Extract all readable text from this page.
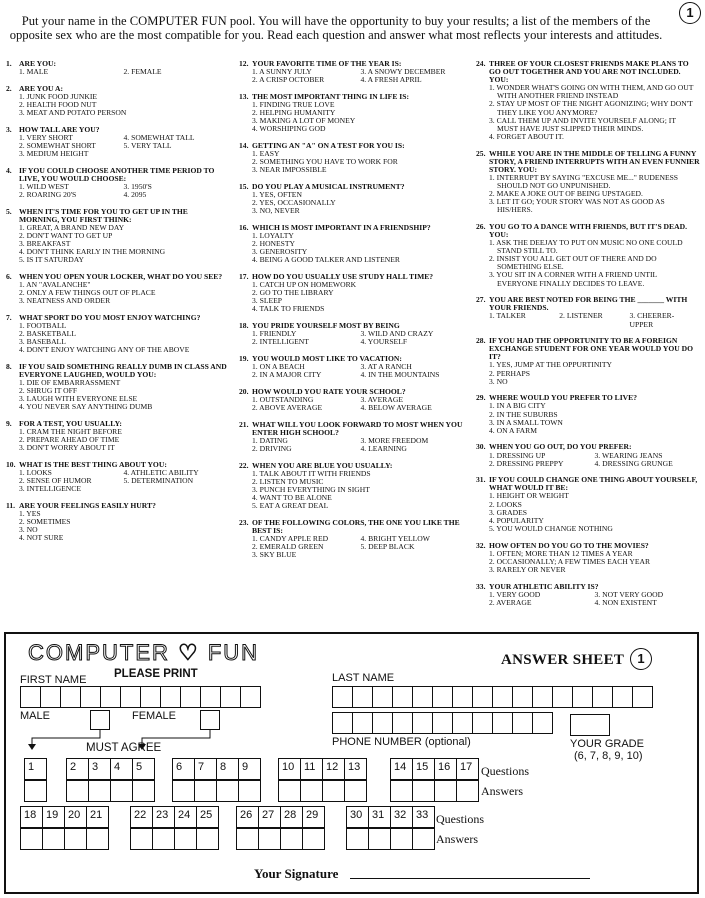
Put your name in the COMPUTER FUN pool. You will have the opportunity to buy your results; a list of the members of the opposite sex who are the most compatible for you. Read each question and answer what most reflects your interests and attitudes.
1
1. ARE YOU:
1. MALE	2. FEMALE
2. ARE YOU A:
1. JUNK FOOD JUNKIE
2. HEALTH FOOD NUT
3. MEAT AND POTATO PERSON
3. HOW TALL ARE YOU?
1. VERY SHORT	4. SOMEWHAT TALL
2. SOMEWHAT SHORT	5. VERY TALL
3. MEDIUM HEIGHT
4. IF YOU COULD CHOOSE ANOTHER TIME PERIOD TO LIVE, YOU WOULD CHOOSE:
1. WILD WEST	3. 1950'S
2. ROARING 20'S	4. 2095
5. WHEN IT'S TIME FOR YOU TO GET UP IN THE MORNING, YOU FIRST THINK:
1. GREAT, A BRAND NEW DAY
2. DON'T WANT TO GET UP
3. BREAKFAST
4. DON'T THINK EARLY IN THE MORNING
5. IS IT SATURDAY
6. WHEN YOU OPEN YOUR LOCKER, WHAT DO YOU SEE?
1. AN "AVALANCHE"
2. ONLY A FEW THINGS OUT OF PLACE
3. NEATNESS AND ORDER
7. WHAT SPORT DO YOU MOST ENJOY WATCHING?
1. FOOTBALL
2. BASKETBALL
3. BASEBALL
4. DON'T ENJOY WATCHING ANY OF THE ABOVE
8. IF YOU SAID SOMETHING REALLY DUMB IN CLASS AND EVERYONE LAUGHED, WOULD YOU:
1. DIE OF EMBARRASSMENT
2. SHRUG IT OFF
3. LAUGH WITH EVERYONE ELSE
4. YOU NEVER SAY ANYTHING DUMB
9. FOR A TEST, YOU USUALLY:
1. CRAM THE NIGHT BEFORE
2. PREPARE AHEAD OF TIME
3. DON'T WORRY ABOUT IT
10. WHAT IS THE BEST THING ABOUT YOU:
1. LOOKS	4. ATHLETIC ABILITY
2. SENSE OF HUMOR	5. DETERMINATION
3. INTELLIGENCE
11. ARE YOUR FEELINGS EASILY HURT?
1. YES
2. SOMETIMES
3. NO
4. NOT SURE
12. YOUR FAVORITE TIME OF THE YEAR IS:
1. A SUNNY JULY	3. A SNOWY DECEMBER
2. A CRISP OCTOBER	4. A FRESH APRIL
13. THE MOST IMPORTANT THING IN LIFE IS:
1. FINDING TRUE LOVE
2. HELPING HUMANITY
3. MAKING A LOT OF MONEY
4. WORSHIPING GOD
14. GETTING AN "A" ON A TEST FOR YOU IS:
1. EASY
2. SOMETHING YOU HAVE TO WORK FOR
3. NEAR IMPOSSIBLE
15. DO YOU PLAY A MUSICAL INSTRUMENT?
1. YES, OFTEN
2. YES, OCCASIONALLY
3. NO, NEVER
16. WHICH IS MOST IMPORTANT IN A FRIENDSHIP?
1. LOYALTY
2. HONESTY
3. GENEROSITY
4. BEING A GOOD TALKER AND LISTENER
17. HOW DO YOU USUALLY USE STUDY HALL TIME?
1. CATCH UP ON HOMEWORK
2. GO TO THE LIBRARY
3. SLEEP
4. TALK TO FRIENDS
18. YOU PRIDE YOURSELF MOST BY BEING
1. FRIENDLY	3. WILD AND CRAZY
2. INTELLIGENT	4. YOURSELF
19. YOU WOULD MOST LIKE TO VACATION:
1. ON A BEACH	3. AT A RANCH
2. IN A MAJOR CITY	4. IN THE MOUNTAINS
20. HOW WOULD YOU RATE YOUR SCHOOL?
1. OUTSTANDING	3. AVERAGE
2. ABOVE AVERAGE	4. BELOW AVERAGE
21. WHAT WILL YOU LOOK FORWARD TO MOST WHEN YOU ENTER HIGH SCHOOL?
1. DATING	3. MORE FREEDOM
2. DRIVING	4. LEARNING
22. WHEN YOU ARE BLUE YOU USUALLY:
1. TALK ABOUT IT WITH FRIENDS
2. LISTEN TO MUSIC
3. PUNCH EVERYTHING IN SIGHT
4. WANT TO BE ALONE
5. EAT A GREAT DEAL
23. OF THE FOLLOWING COLORS, THE ONE YOU LIKE THE BEST IS:
1. CANDY APPLE RED	4. BRIGHT YELLOW
2. EMERALD GREEN	5. DEEP BLACK
3. SKY BLUE
24. THREE OF YOUR CLOSEST FRIENDS MAKE PLANS TO GO OUT TOGETHER AND YOU ARE NOT INCLUDED. YOU:
1. WONDER WHAT'S GOING ON WITH THEM, AND GO OUT WITH ANOTHER FRIEND INSTEAD
2. STAY UP MOST OF THE NIGHT AGONIZING; WHY DON'T THEY LIKE YOU ANYMORE?
3. CALL THEM UP AND INVITE YOURSELF ALONG; IT MUST HAVE JUST SLIPPED THEIR MINDS.
4. FORGET ABOUT IT.
25. WHILE YOU ARE IN THE MIDDLE OF TELLING A FUNNY STORY, A FRIEND INTERRUPTS WITH AN EVEN FUNNIER STORY. YOU:
1. INTERRUPT BY SAYING "EXCUSE ME..." RUDENESS SHOULD NOT GO UNPUNISHED.
2. MAKE A JOKE OUT OF BEING UPSTAGED.
3. LET IT GO; YOUR STORY WAS NOT AS GOOD AS HIS/HERS.
26. YOU GO TO A DANCE WITH FRIENDS, BUT IT'S DEAD. YOU:
1. ASK THE DEEJAY TO PUT ON MUSIC NO ONE COULD STAND STILL TO.
2. INSIST YOU ALL GET OUT OF THERE AND DO SOMETHING ELSE.
3. YOU SIT IN A CORNER WITH A FRIEND UNTIL EVERYONE FINALLY DECIDES TO LEAVE.
27. YOU ARE BEST NOTED FOR BEING THE _______ WITH YOUR FRIENDS.
1. TALKER	2. LISTENER	3. CHEERER-UPPER
28. IF YOU HAD THE OPPORTUNITY TO BE A FOREIGN EXCHANGE STUDENT FOR ONE YEAR WOULD YOU DO IT?
1. YES, JUMP AT THE OPPURTINITY
2. PERHAPS
3. NO
29. WHERE WOULD YOU PREFER TO LIVE?
1. IN A BIG CITY
2. IN THE SUBURBS
3. IN A SMALL TOWN
4. ON A FARM
30. WHEN YOU GO OUT, DO YOU PREFER:
1. DRESSING UP	3. WEARING JEANS
2. DRESSING PREPPY	4. DRESSING GRUNGE
31. IF YOU COULD CHANGE ONE THING ABOUT YOURSELF, WHAT WOULD IT BE:
1. HEIGHT OR WEIGHT
2. LOOKS
3. GRADES
4. POPULARITY
5. YOU WOULD CHANGE NOTHING
32. HOW OFTEN DO YOU GO TO THE MOVIES?
1. OFTEN; MORE THAN 12 TIMES A YEAR
2. OCCASIONALLY; A FEW TIMES EACH YEAR
3. RARELY OR NEVER
33. YOUR ATHLETIC ABILITY IS?
1. VERY GOOD	3. NOT VERY GOOD
2. AVERAGE	4. NON EXISTENT
COMPUTER ♡ FUN	ANSWER SHEET	1
FIRST NAME PLEASE PRINT	LAST NAME
MALE	FEMALE
MUST AGREE	PHONE NUMBER (optional)	YOUR GRADE
(6, 7, 8, 9, 10)
1	2	3	4	5	6	7	8	9	10 11 12 13	14 15 16 17 Questions
Answers
18 19 20 21	22 23 24 25	26 27 28 29	30 31 32 33 Questions
Answers
Your Signature
